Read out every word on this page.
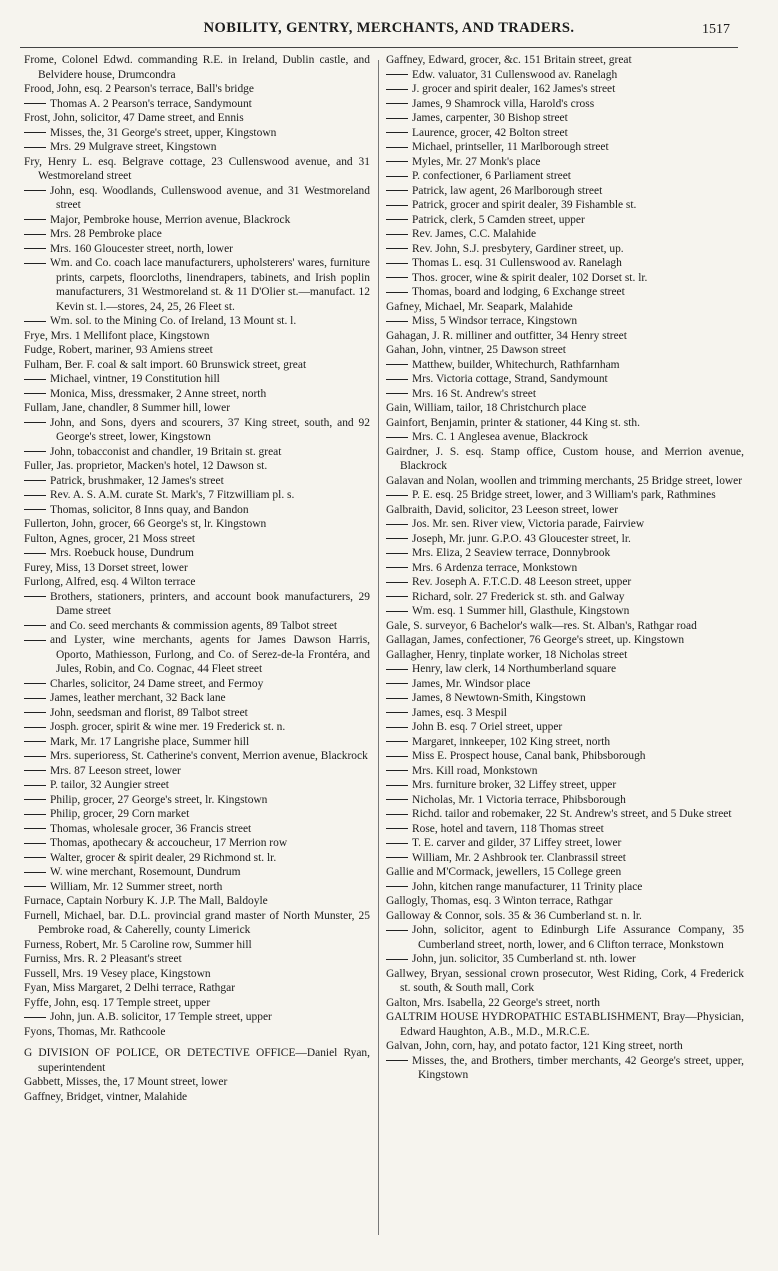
NOBILITY, GENTRY, MERCHANTS, AND TRADERS.	1517
Frome, Colonel Edwd. commanding R.E. in Ireland, Dublin castle, and Belvidere house, Drumcondra
Frood, John, esq. 2 Pearson's terrace, Ball's bridge
Thomas A. 2 Pearson's terrace, Sandymount
Frost, John, solicitor, 47 Dame street, and Ennis
Misses, the, 31 George's street, upper, Kingstown
Mrs. 29 Mulgrave street, Kingstown
Fry, Henry L. esq. Belgrave cottage, 23 Cullenswood avenue, and 31 Westmoreland street
John, esq. Woodlands, Cullenswood avenue, and 31 Westmoreland street
Major, Pembroke house, Merrion avenue, Blackrock
Mrs. 28 Pembroke place
Mrs. 160 Gloucester street, north, lower
Wm. and Co. coach lace manufacturers, upholsterers' wares, furniture prints, carpets, floorcloths, linendrapers, tabinets, and Irish poplin manufacturers, 31 Westmoreland st. & 11 D'Olier st.—manufact. 12 Kevin st. l.—stores, 24, 25, 26 Fleet st.
Wm. sol. to the Mining Co. of Ireland, 13 Mount st. l.
Frye, Mrs. 1 Mellifont place, Kingstown
Fudge, Robert, mariner, 93 Amiens street
Fulham, Ber. F. coal & salt import. 60 Brunswick street, great
Michael, vintner, 19 Constitution hill
Monica, Miss, dressmaker, 2 Anne street, north
Fullam, Jane, chandler, 8 Summer hill, lower
John, and Sons, dyers and scourers, 37 King street, south, and 92 George's street, lower, Kingstown
John, tobacconist and chandler, 19 Britain st. great
Fuller, Jas. proprietor, Macken's hotel, 12 Dawson st.
Patrick, brushmaker, 12 James's street
Rev. A. S. A.M. curate St. Mark's, 7 Fitzwilliam pl. s.
Thomas, solicitor, 8 Inns quay, and Bandon
Fullerton, John, grocer, 66 George's st, lr. Kingstown
Fulton, Agnes, grocer, 21 Moss street
Mrs. Roebuck house, Dundrum
Furey, Miss, 13 Dorset street, lower
Furlong, Alfred, esq. 4 Wilton terrace
Brothers, stationers, printers, and account book manufacturers, 29 Dame street
and Co. seed merchants & commission agents, 89 Talbot street
and Lyster, wine merchants, agents for James Dawson Harris, Oporto, Mathiesson, Furlong, and Co. of Serez-de-la Frontéra, and Jules, Robin, and Co. Cognac, 44 Fleet street
Charles, solicitor, 24 Dame street, and Fermoy
James, leather merchant, 32 Back lane
John, seedsman and florist, 89 Talbot street
Josph. grocer, spirit & wine mer. 19 Frederick st. n.
Mark, Mr. 17 Langrishe place, Summer hill
Mrs. superioress, St. Catherine's convent, Merrion avenue, Blackrock
Mrs. 87 Leeson street, lower
P. tailor, 32 Aungier street
Philip, grocer, 27 George's street, lr. Kingstown
Philip, grocer, 29 Corn market
Thomas, wholesale grocer, 36 Francis street
Thomas, apothecary & accoucheur, 17 Merrion row
Walter, grocer & spirit dealer, 29 Richmond st. lr.
W. wine merchant, Rosemount, Dundrum
William, Mr. 12 Summer street, north
Furnace, Captain Norbury K. J.P. The Mall, Baldoyle
Furnell, Michael, bar. D.L. provincial grand master of North Munster, 25 Pembroke road, & Caherelly, county Limerick
Furness, Robert, Mr. 5 Caroline row, Summer hill
Furniss, Mrs. R. 2 Pleasant's street
Fussell, Mrs. 19 Vesey place, Kingstown
Fyan, Miss Margaret, 2 Delhi terrace, Rathgar
Fyffe, John, esq. 17 Temple street, upper
John, jun. A.B. solicitor, 17 Temple street, upper
Fyons, Thomas, Mr. Rathcoole
G DIVISION OF POLICE, OR DETECTIVE OFFICE—Daniel Ryan, superintendent
Gabbett, Misses, the, 17 Mount street, lower
Gaffney, Bridget, vintner, Malahide
Gaffney, Edward, grocer, &c. 151 Britain street, great
Edw. valuator, 31 Cullenswood av. Ranelagh
J. grocer and spirit dealer, 162 James's street
James, 9 Shamrock villa, Harold's cross
James, carpenter, 30 Bishop street
Laurence, grocer, 42 Bolton street
Michael, printseller, 11 Marlborough street
Myles, Mr. 27 Monk's place
P. confectioner, 6 Parliament street
Patrick, law agent, 26 Marlborough street
Patrick, grocer and spirit dealer, 39 Fishamble st.
Patrick, clerk, 5 Camden street, upper
Rev. James, C.C. Malahide
Rev. John, S.J. presbytery, Gardiner street, up.
Thomas L. esq. 31 Cullenswood av. Ranelagh
Thos. grocer, wine & spirit dealer, 102 Dorset st. lr.
Thomas, board and lodging, 6 Exchange street
Gafney, Michael, Mr. Seapark, Malahide
Miss, 5 Windsor terrace, Kingstown
Gahagan, J. R. milliner and outfitter, 34 Henry street
Gahan, John, vintner, 25 Dawson street
Matthew, builder, Whitechurch, Rathfarnham
Mrs. Victoria cottage, Strand, Sandymount
Mrs. 16 St. Andrew's street
Gain, William, tailor, 18 Christchurch place
Gainfort, Benjamin, printer & stationer, 44 King st. sth.
Mrs. C. 1 Anglesea avenue, Blackrock
Gairdner, J. S. esq. Stamp office, Custom house, and Merrion avenue, Blackrock
Galavan and Nolan, woollen and trimming merchants, 25 Bridge street, lower
P. E. esq. 25 Bridge street, lower, and 3 William's park, Rathmines
Galbraith, David, solicitor, 23 Leeson street, lower
Jos. Mr. sen. River view, Victoria parade, Fairview
Joseph, Mr. junr. G.P.O. 43 Gloucester street, lr.
Mrs. Eliza, 2 Seaview terrace, Donnybrook
Mrs. 6 Ardenza terrace, Monkstown
Rev. Joseph A. F.T.C.D. 48 Leeson street, upper
Richard, solr. 27 Frederick st. sth. and Galway
Wm. esq. 1 Summer hill, Glasthule, Kingstown
Gale, S. surveyor, 6 Bachelor's walk—res. St. Alban's, Rathgar road
Gallagan, James, confectioner, 76 George's street, up. Kingstown
Gallagher, Henry, tinplate worker, 18 Nicholas street
Henry, law clerk, 14 Northumberland square
James, Mr. Windsor place
James, 8 Newtown-Smith, Kingstown
James, esq. 3 Mespil
John B. esq. 7 Oriel street, upper
Margaret, innkeeper, 102 King street, north
Miss E. Prospect house, Canal bank, Phibsborough
Mrs. Kill road, Monkstown
Mrs. furniture broker, 32 Liffey street, upper
Nicholas, Mr. 1 Victoria terrace, Phibsborough
Richd. tailor and robemaker, 22 St. Andrew's street, and 5 Duke street
Rose, hotel and tavern, 118 Thomas street
T. E. carver and gilder, 37 Liffey street, lower
William, Mr. 2 Ashbrook ter. Clanbrassil street
Gallie and M'Cormack, jewellers, 15 College green
John, kitchen range manufacturer, 11 Trinity place
Gallogly, Thomas, esq. 3 Winton terrace, Rathgar
Galloway & Connor, sols. 35 & 36 Cumberland st. n. lr.
John, solicitor, agent to Edinburgh Life Assurance Company, 35 Cumberland street, north, lower, and 6 Clifton terrace, Monkstown
John, jun. solicitor, 35 Cumberland st. nth. lower
Gallwey, Bryan, sessional crown prosecutor, West Riding, Cork, 4 Frederick st. south, & South mall, Cork
Galton, Mrs. Isabella, 22 George's street, north
GALTRIM HOUSE HYDROPATHIC ESTABLISHMENT, Bray—Physician, Edward Haughton, A.B., M.D., M.R.C.E.
Galvan, John, corn, hay, and potato factor, 121 King street, north
Misses, the, and Brothers, timber merchants, 42 George's street, upper, Kingstown
